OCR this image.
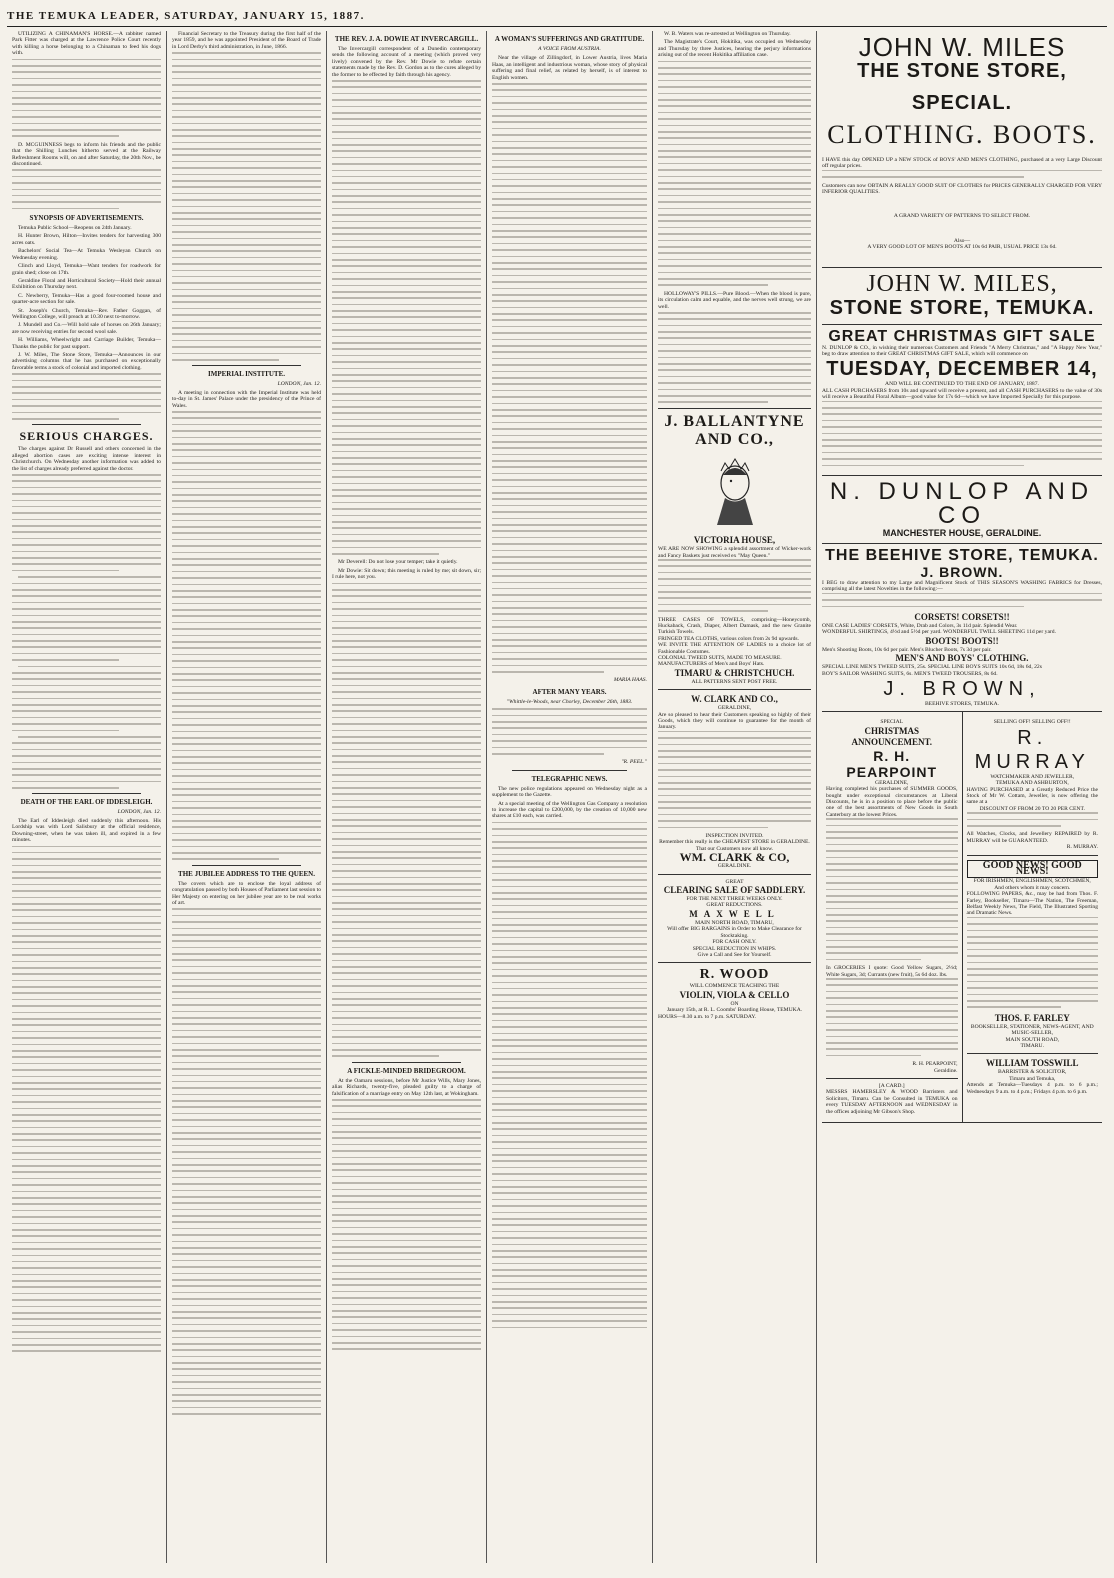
THE TEMUKA LEADER, SATURDAY, JANUARY 15, 1887.

UTILIZING A CHINAMAN'S HORSE.—A rabbiter named Park Fitter was charged at the Lawrence Police Court recently with killing a horse belonging to a Chinaman to feed his dogs with.

D. MCGUINNESS begs to inform his friends and the public that the Shilling Lunches hitherto served at the Railway Refreshment Rooms will, on and after Saturday, the 20th Nov., be discontinued.

SYNOPSIS OF ADVERTISEMENTS.

Temuka Public School—Reopens on 24th January.

H. Hunter Brown, Hilton—Invites tenders for harvesting 300 acres oats.

Bachelors' Social Tea—At Temuka Wesleyan Church on Wednesday evening.

Clinch and Lloyd, Temuka—Want tenders for roadwork for grain shed; close on 17th.

Geraldine Floral and Horticultural Society—Hold their annual Exhibition on Thursday next.

C. Newberry, Temuka—Has a good four-roomed house and quarter-acre section for sale.

St. Joseph's Church, Temuka—Rev. Father Goggan, of Wellington College, will preach at 10.30 next to-morrow.

J. Mundell and Co.—Will hold sale of horses on 26th January; are now receiving entries for second wool sale.

H. Williams, Wheelwright and Carriage Builder, Temuka—Thanks the public for past support.

J. W. Miles, The Stone Store, Temuka—Announces in our advertising columns that he has purchased on exceptionally favorable terms a stock of colonial and imported clothing.

SERIOUS CHARGES.

The charges against Dr Russell and others concerned in the alleged abortion cases are exciting intense interest in Christchurch. On Wednesday another information was added to the list of charges already preferred against the doctor.

DEATH OF THE EARL OF IDDESLEIGH.
LONDON, Jan. 12.

The Earl of Iddesleigh died suddenly this afternoon. His Lordship was with Lord Salisbury at the official residence, Downing-street, when he was taken ill, and expired in a few minutes.

Financial Secretary to the Treasury during the first half of the year 1859, and he was appointed President of the Board of Trade in Lord Derby's third administration, in June, 1866.

IMPERIAL INSTITUTE.
LONDON, Jan. 12.

A meeting in connection with the Imperial Institute was held to-day in St. James' Palace under the presidency of the Prince of Wales.

THE JUBILEE ADDRESS TO THE QUEEN.

The covers which are to enclose the loyal address of congratulation passed by both Houses of Parliament last session to Her Majesty on entering on her jubilee year are to be real works of art.

THE REV. J. A. DOWIE AT INVERCARGILL.

The Invercargill correspondent of a Dunedin contemporary sends the following account of a meeting (which proved very lively) convened by the Rev. Mr Dowie to refute certain statements made by the Rev. D. Gordon as to the cures alleged by the former to be effected by faith through his agency.

Mr Deverell: Do not lose your temper; take it quietly.

Mr Dowie: Sit down; this meeting is ruled by me; sit down, sir; I rule here, not you.

A FICKLE-MINDED BRIDEGROOM.

At the Oamaru sessions, before Mr Justice Wills, Mary Jones, alias Richards, twenty-five, pleaded guilty to a charge of falsification of a marriage entry on May 12th last, at Wokingham.

A WOMAN'S SUFFERINGS AND GRATITUDE.
A VOICE FROM AUSTRIA.

Near the village of Zillingdorf, in Lower Austria, lives Maria Haas, an intelligent and industrious woman, whose story of physical suffering and final relief, as related by herself, is of interest to English women.

MARIA HAAS.
AFTER MANY YEARS.
"Whittle-le-Woods, near Chorley, December 26th, 1883.
"R. PEEL."
TELEGRAPHIC NEWS.

The new police regulations appeared on Wednesday night as a supplement to the Gazette.

At a special meeting of the Wellington Gas Company a resolution to increase the capital to £200,000, by the creation of 10,000 new shares at £10 each, was carried.

W. B. Waters was re-arrested at Wellington on Thursday.

The Magistrate's Court, Hokitika, was occupied on Wednesday and Thursday by three Justices, hearing the perjury informations arising out of the recent Hokitika affiliation case.

HOLLOWAY'S PILLS.—Pure Blood.—When the blood is pure, its circulation calm and equable, and the nerves well strung, we are well.

J. BALLANTYNE
AND CO.,
VICTORIA HOUSE,
WE ARE NOW SHOWING a splendid assortment of Wicker-work and Fancy Baskets just received ex "May Queen."
THREE CASES OF TOWELS, comprising—Honeycomb, Huckaback, Crash, Diaper, Albert Damask, and the new Granite Turkish Towels.
FRINGED TEA CLOTHS, various colors from 2s 9d upwards.
WE INVITE THE ATTENTION OF LADIES to a choice lot of Fashionable Costumes.
COLONIAL TWEED SUITS, MADE TO MEASURE.
MANUFACTURERS of Men's and Boys' Hats.
TIMARU & CHRISTCHUCH.
ALL PATTERNS SENT POST FREE.
W. CLARK AND CO.,
GERALDINE,
Are so pleased to hear their Customers speaking so highly of their Goods, which they will continue to guarantee for the month of January.
INSPECTION INVITED.
Remember this really is the CHEAPEST STORE in GERALDINE.
That our Customers now all know.
WM. CLARK & CO,
GERALDINE.
GREAT
CLEARING SALE OF SADDLERY.
FOR THE NEXT THREE WEEKS ONLY.
GREAT REDUCTIONS.
MAXWELL
MAIN NORTH ROAD, TIMARU,
Will offer BIG BARGAINS in Order to Make Clearance for Stocktaking.
FOR CASH ONLY.
SPECIAL REDUCTION IN WHIPS.
Give a Call and See for Yourself.
R. WOOD
WILL COMMENCE TEACHING THE
VIOLIN, VIOLA & CELLO
ON
January 15th, at R. L. Coombs' Boarding House, TEMUKA.
HOURS—8.30 a.m. to 7 p.m. SATURDAY.
JOHN W. MILES
THE STONE STORE,
SPECIAL.
CLOTHING. BOOTS.
I HAVE this day OPENED UP a NEW STOCK of BOYS' AND MEN'S CLOTHING, purchased at a very Large Discount off regular prices.
Customers can now OBTAIN A REALLY GOOD SUIT OF CLOTHES for PRICES GENERALLY CHARGED FOR VERY INFERIOR QUALITIES.
A GRAND VARIETY OF PATTERNS TO SELECT FROM.
Also—
A VERY GOOD LOT OF MEN'S BOOTS AT 10s 6d PAIR, USUAL PRICE 13s 6d.
JOHN W. MILES,
STONE STORE, TEMUKA.
GREAT CHRISTMAS GIFT SALE
N. DUNLOP & CO., in wishing their numerous Customers and Friends "A Merry Christmas," and "A Happy New Year," beg to draw attention to their GREAT CHRISTMAS GIFT SALE, which will commence on
TUESDAY, DECEMBER 14,
AND WILL BE CONTINUED TO THE END OF JANUARY, 1887.
ALL CASH PURCHASERS from 10s and upward will receive a present, and all CASH PURCHASERS to the value of 30s will receive a Beautiful Floral Album—good value for 17s 6d—which we have Imported Specially for this purpose.
N. DUNLOP AND CO
MANCHESTER HOUSE, GERALDINE.
THE BEEHIVE STORE, TEMUKA.
J. BROWN.
I BEG to draw attention to my Large and Magnificent Stock of THIS SEASON'S WASHING FABRICS for Dresses, comprising all the latest Novelties in the following:—
CORSETS! CORSETS!!
ONE CASE LADIES' CORSETS, White, Drab and Colors, 3s 11d pair. Splendid Wear.
WONDERFUL SHIRTINGS, 4½d and 5½d per yard. WONDERFUL TWILL SHEETING 11d per yard.
BOOTS! BOOTS!!
Men's Shooting Boots, 10s 6d per pair. Men's Blucher Boots, 7s 3d per pair.
MEN'S AND BOYS' CLOTHING.
SPECIAL LINE MEN'S TWEED SUITS, 25s. SPECIAL LINE BOYS SUITS 10s 6d, 18s 6d, 22s
BOY'S SAILOR WASHING SUITS, 6s. MEN'S TWEED TROUSERS, 8s 6d.
J. BROWN,
BEEHIVE STORES, TEMUKA.
SPECIAL
CHRISTMAS ANNOUNCEMENT.
R. H. PEARPOINT
GERALDINE,
Having completed his purchases of SUMMER GOODS, bought under exceptional circumstances at Liberal Discounts, he is in a position to place before the public one of the best assortments of New Goods in South Canterbury at the lowest Prices.
In GROCERIES I quote: Good Yellow Sugars, 2½d; White Sugars, 3d; Currants (new fruit), 5s 6d doz. lbs.
R. H. PEARPOINT,
Geraldine.
[A CARD.]
MESSRS HAMERSLEY & WOOD Barristers and Solicitors, Timaru. Can be Consulted in TEMUKA on every TUESDAY AFTERNOON and WEDNESDAY in the offices adjoining Mr Gibson's Shop.
SELLING OFF! SELLING OFF!!
R. MURRAY
WATCHMAKER AND JEWELLER,
TEMUKA AND ASHBURTON,
HAVING PURCHASED at a Greatly Reduced Price the Stock of Mr W. Cottam, Jeweller, is now offering the same at a
DISCOUNT OF FROM 20 TO 20 PER CENT.
All Watches, Clocks, and Jewellery REPAIRED by R. MURRAY will be GUARANTEED.
R. MURRAY.
GOOD NEWS! GOOD NEWS!
FOR IRISHMEN, ENGLISHMEN, SCOTCHMEN,
And others whom it may concern.
FOLLOWING PAPERS, &c., may be had from Thos. F. Farley, Bookseller, Timaru—The Nation, The Freeman, Belfast Weekly News, The Field, The Illustrated Sporting and Dramatic News.
THOS. F. FARLEY
BOOKSELLER, STATIONER, NEWS-AGENT, AND MUSIC-SELLER,
MAIN SOUTH ROAD,
TIMARU.
WILLIAM TOSSWILL
BARRISTER & SOLICITOR,
Timaru and Temuka,
Attends at Temuka—Tuesdays 4 p.m. to 6 p.m.; Wednesdays 9 a.m. to 4 p.m.; Fridays 4 p.m. to 6 p.m.
